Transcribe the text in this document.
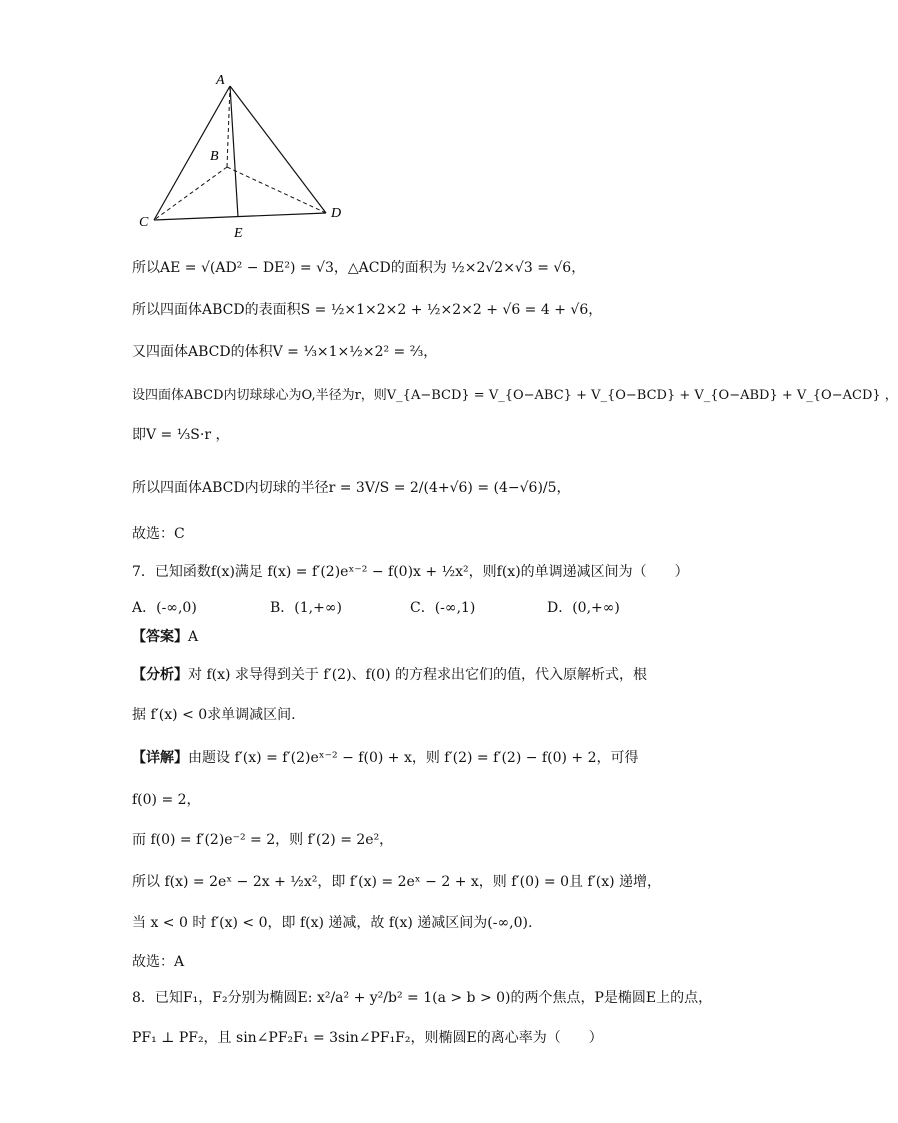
A
B
C
D
E
所以AE = √(AD² − DE²) = √3，△ACD的面积为 ½×2√2×√3 = √6，
所以四面体ABCD的表面积S = ½×1×2×2 + ½×2×2 + √6 = 4 + √6，
又四面体ABCD的体积V = ⅓×1×½×2² = ⅔，
设四面体ABCD内切球球心为O,半径为r，则V_{A−BCD} = V_{O−ABC} + V_{O−BCD} + V_{O−ABD} + V_{O−ACD} ，
即V = ⅓S·r ，
所以四面体ABCD内切球的半径r = 3V/S = 2/(4+√6) = (4−√6)/5，
故选：C
7．已知函数f(x)满足 f(x) = f′(2)eˣ⁻² − f(0)x + ½x²，则f(x)的单调递减区间为（　　）
A．(-∞,0)	B．(1,+∞)	C．(-∞,1)	D．(0,+∞)
【答案】A
【分析】对 f(x) 求导得到关于 f′(2)、f(0) 的方程求出它们的值，代入原解析式，根
据 f′(x) < 0求单调减区间.
【详解】由题设 f′(x) = f′(2)eˣ⁻² − f(0) + x，则 f′(2) = f′(2) − f(0) + 2，可得
f(0) = 2，
而 f(0) = f′(2)e⁻² = 2，则 f′(2) = 2e²，
所以 f(x) = 2eˣ − 2x + ½x²，即 f′(x) = 2eˣ − 2 + x，则 f′(0) = 0且 f′(x) 递增，
当 x < 0 时 f′(x) < 0，即 f(x) 递减，故 f(x) 递减区间为(-∞,0).
故选：A
8．已知F₁，F₂分别为椭圆E: x²/a² + y²/b² = 1(a > b > 0)的两个焦点，P是椭圆E上的点，
PF₁ ⊥ PF₂，且 sin∠PF₂F₁ = 3sin∠PF₁F₂，则椭圆E的离心率为（　　）
